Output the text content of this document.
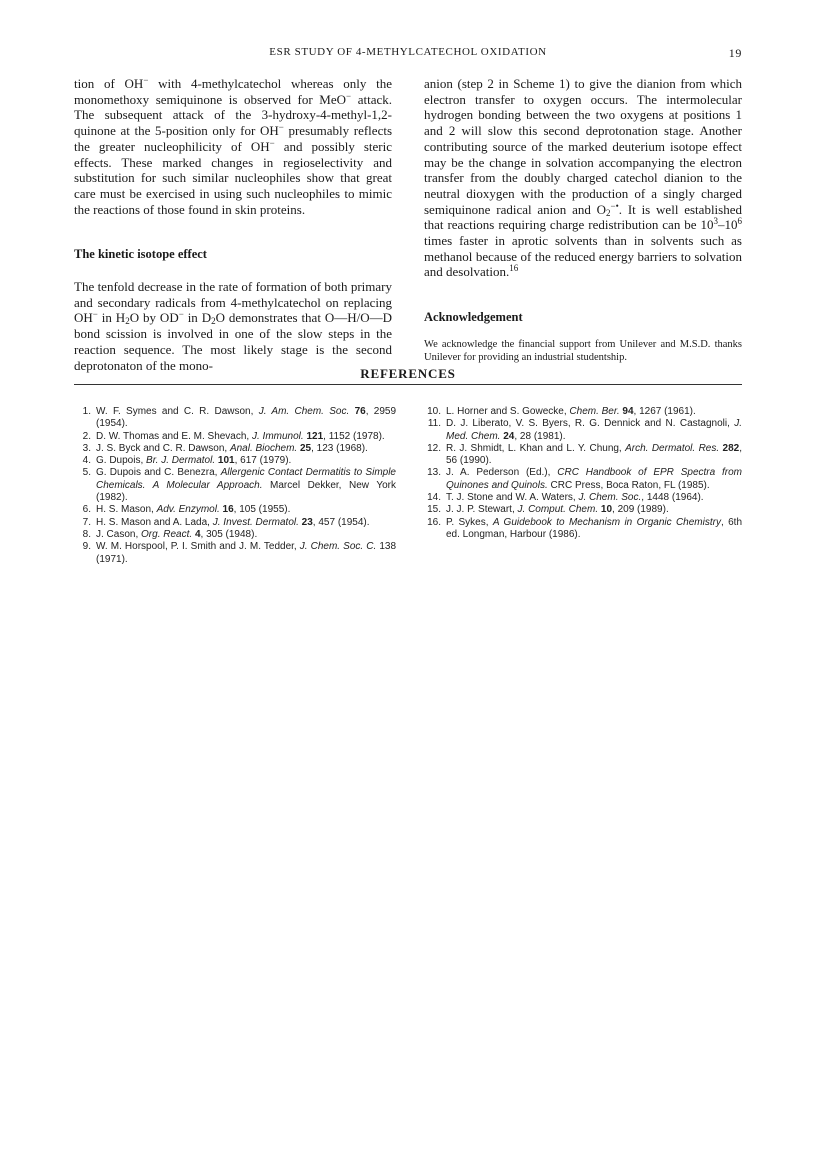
ESR STUDY OF 4-METHYLCATECHOL OXIDATION	19

tion of OH− with 4-methylcatechol whereas only the monomethoxy semiquinone is observed for MeO− attack. The subsequent attack of the 3-hydroxy-4-methyl-1,2-quinone at the 5-position only for OH− presumably reflects the greater nucleophilicity of OH− and possibly steric effects. These marked changes in regioselectivity and substitution for such similar nucleophiles show that great care must be exercised in using such nucleophiles to mimic the reactions of those found in skin proteins.

The kinetic isotope effect

The tenfold decrease in the rate of formation of both primary and secondary radicals from 4-methylcatechol on replacing OH− in $H_2O$ by OD− in $D_2O$ demonstrates that O—H/O—D bond scission is involved in one of the slow steps in the reaction sequence. The most likely stage is the second deprotonaton of the mono-

anion (step 2 in Scheme 1) to give the dianion from which electron transfer to oxygen occurs. The intermolecular hydrogen bonding between the two oxygens at positions 1 and 2 will slow this second deprotonation stage. Another contributing source of the marked deuterium isotope effect may be the change in solvation accompanying the electron transfer from the doubly charged catechol dianion to the neutral dioxygen with the production of a singly charged semiquinone radical anion and $O_2^{-•}$. It is well established that reactions requiring charge redistribution can be $10^3-10^6$ times faster in aprotic solvents than in solvents such as methanol because of the reduced energy barriers to solvation and desolvation.$^{16}$

Acknowledgement

We acknowledge the financial support from Unilever and M.S.D. thanks Unilever for providing an industrial studentship.

REFERENCES
1. W. F. Symes and C. R. Dawson, J. Am. Chem. Soc. 76, 2959 (1954).
2. D. W. Thomas and E. M. Shevach, J. Immunol. 121, 1152 (1978).
3. J. S. Byck and C. R. Dawson, Anal. Biochem. 25, 123 (1968).
4. G. Dupois, Br. J. Dermatol. 101, 617 (1979).
5. G. Dupois and C. Benezra, Allergenic Contact Dermatitis to Simple Chemicals. A Molecular Approach. Marcel Dekker, New York (1982).
6. H. S. Mason, Adv. Enzymol. 16, 105 (1955).
7. H. S. Mason and A. Lada, J. Invest. Dermatol. 23, 457 (1954).
8. J. Cason, Org. React. 4, 305 (1948).
9. W. M. Horspool, P. I. Smith and J. M. Tedder, J. Chem. Soc. C. 138 (1971).
10. L. Horner and S. Gowecke, Chem. Ber. 94, 1267 (1961).
11. D. J. Liberato, V. S. Byers, R. G. Dennick and N. Castagnoli, J. Med. Chem. 24, 28 (1981).
12. R. J. Shmidt, L. Khan and L. Y. Chung, Arch. Dermatol. Res. 282, 56 (1990).
13. J. A. Pederson (Ed.), CRC Handbook of EPR Spectra from Quinones and Quinols. CRC Press, Boca Raton, FL (1985).
14. T. J. Stone and W. A. Waters, J. Chem. Soc., 1448 (1964).
15. J. J. P. Stewart, J. Comput. Chem. 10, 209 (1989).
16. P. Sykes, A Guidebook to Mechanism in Organic Chemistry, 6th ed. Longman, Harbour (1986).
